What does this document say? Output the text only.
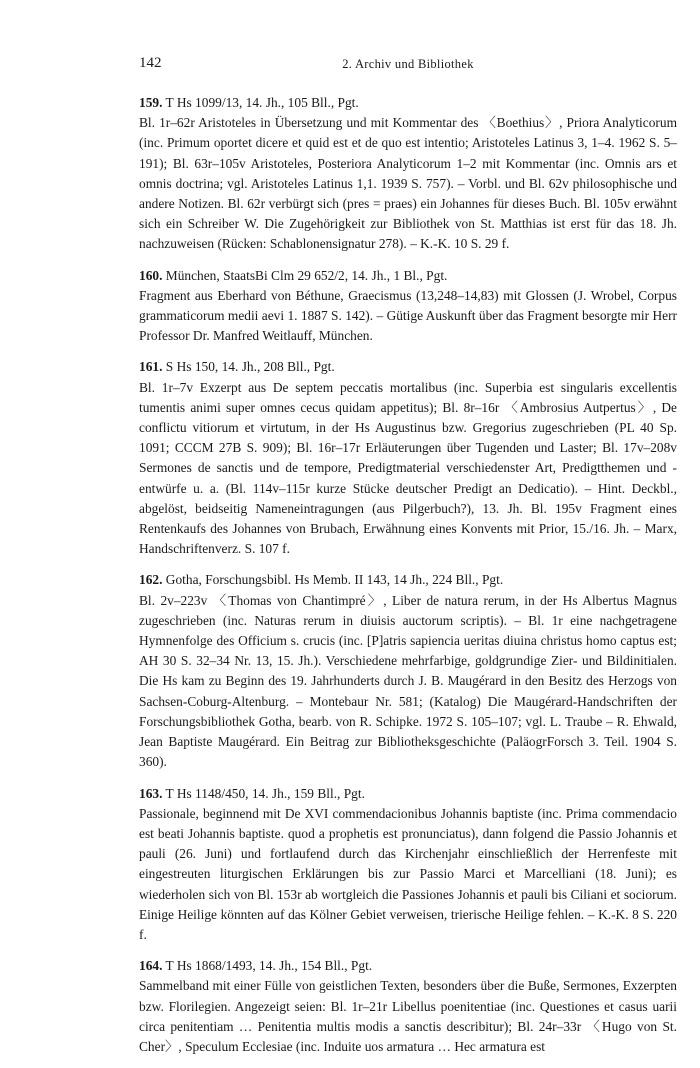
142	2. Archiv und Bibliothek

159. T Hs 1099/13, 14. Jh., 105 Bll., Pgt.

Bl. 1r–62r Aristoteles in Übersetzung und mit Kommentar des 〈Boethius〉, Priora Analyticorum (inc. Primum oportet dicere et quid est et de quo est intentio; Aristoteles Latinus 3, 1–4. 1962 S. 5–191); Bl. 63r–105v Aristoteles, Posteriora Analyticorum 1–2 mit Kommentar (inc. Omnis ars et omnis doctrina; vgl. Aristoteles Latinus 1,1. 1939 S. 757). – Vorbl. und Bl. 62v philosophische und andere Notizen. Bl. 62r verbürgt sich (pres = praes) ein Johannes für dieses Buch. Bl. 105v erwähnt sich ein Schreiber W. Die Zugehörigkeit zur Bibliothek von St. Matthias ist erst für das 18. Jh. nachzuweisen (Rücken: Schablonensignatur 278). – K.-K. 10 S. 29 f.

160. München, StaatsBi Clm 29 652/2, 14. Jh., 1 Bl., Pgt.

Fragment aus Eberhard von Béthune, Graecismus (13,248–14,83) mit Glossen (J. Wrobel, Corpus grammaticorum medii aevi 1. 1887 S. 142). – Gütige Auskunft über das Fragment besorgte mir Herr Professor Dr. Manfred Weitlauff, München.

161. S Hs 150, 14. Jh., 208 Bll., Pgt.

Bl. 1r–7v Exzerpt aus De septem peccatis mortalibus (inc. Superbia est singularis excellentis tumentis animi super omnes cecus quidam appetitus); Bl. 8r–16r 〈Ambrosius Autpertus〉, De conflictu vitiorum et virtutum, in der Hs Augustinus bzw. Gregorius zugeschrieben (PL 40 Sp. 1091; CCCM 27B S. 909); Bl. 16r–17r Erläuterungen über Tugenden und Laster; Bl. 17v–208v Sermones de sanctis und de tempore, Predigtmaterial verschiedenster Art, Predigtthemen und -entwürfe u. a. (Bl. 114v–115r kurze Stücke deutscher Predigt an Dedicatio). – Hint. Deckbl., abgelöst, beidseitig Nameneintragungen (aus Pilgerbuch?), 13. Jh. Bl. 195v Fragment eines Rentenkaufs des Johannes von Brubach, Erwähnung eines Konvents mit Prior, 15./16. Jh. – Marx, Handschriftenverz. S. 107 f.

162. Gotha, Forschungsbibl. Hs Memb. II 143, 14 Jh., 224 Bll., Pgt.

Bl. 2v–223v 〈Thomas von Chantimpré〉, Liber de natura rerum, in der Hs Albertus Magnus zugeschrieben (inc. Naturas rerum in diuisis auctorum scriptis). – Bl. 1r eine nachgetragene Hymnenfolge des Officium s. crucis (inc. [P]atris sapiencia ueritas diuina christus homo captus est; AH 30 S. 32–34 Nr. 13, 15. Jh.). Verschiedene mehrfarbige, goldgrundige Zier- und Bildinitialen. Die Hs kam zu Beginn des 19. Jahrhunderts durch J. B. Maugérard in den Besitz des Herzogs von Sachsen-Coburg-Altenburg. – Montebaur Nr. 581; (Katalog) Die Maugérard-Handschriften der Forschungsbibliothek Gotha, bearb. von R. Schipke. 1972 S. 105–107; vgl. L. Traube – R. Ehwald, Jean Baptiste Maugérard. Ein Beitrag zur Bibliotheksgeschichte (PaläogrForsch 3. Teil. 1904 S. 360).

163. T Hs 1148/450, 14. Jh., 159 Bll., Pgt.

Passionale, beginnend mit De XVI commendacionibus Johannis baptiste (inc. Prima commendacio est beati Johannis baptiste. quod a prophetis est pronunciatus), dann folgend die Passio Johannis et pauli (26. Juni) und fortlaufend durch das Kirchenjahr einschließlich der Herrenfeste mit eingestreuten liturgischen Erklärungen bis zur Passio Marci et Marcelliani (18. Juni); es wiederholen sich von Bl. 153r ab wortgleich die Passiones Johannis et pauli bis Ciliani et sociorum. Einige Heilige könnten auf das Kölner Gebiet verweisen, trierische Heilige fehlen. – K.-K. 8 S. 220 f.

164. T Hs 1868/1493, 14. Jh., 154 Bll., Pgt.

Sammelband mit einer Fülle von geistlichen Texten, besonders über die Buße, Sermones, Exzerpten bzw. Florilegien. Angezeigt seien: Bl. 1r–21r Libellus poenitentiae (inc. Questiones et casus uarii circa penitentiam … Penitentia multis modis a sanctis describitur); Bl. 24r–33r 〈Hugo von St. Cher〉, Speculum Ecclesiae (inc. Induite uos armatura … Hec armatura est
